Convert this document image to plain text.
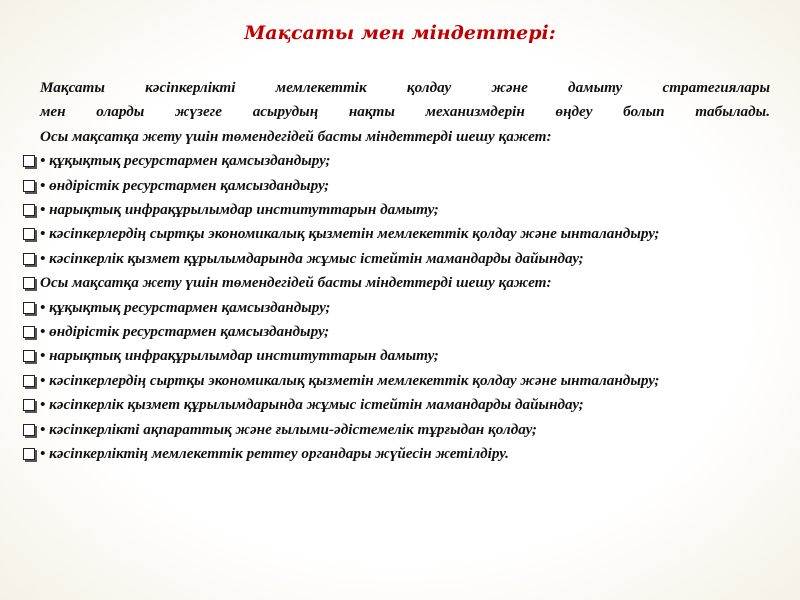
Мақсаты мен міндеттері:
Мақсаты кәсіпкерлікті мемлекеттік қолдау және дамыту стратегиялары
мен оларды жүзеге асырудың нақты механизмдерін өңдеу болып табылады.
Осы мақсатқа жету үшін төмендегідей басты міндеттерді шешу қажет:
• құқықтық ресурстармен қамсыздандыру;
• өндірістік ресурстармен қамсыздандыру;
• нарықтық инфрақұрылымдар институттарын дамыту;
• кәсіпкерлердің сыртқы экономикалық қызметін мемлекеттік қолдау және ынталандыру;
• кәсіпкерлік қызмет құрылымдарында жұмыс істейтін мамандарды дайындау;
Осы мақсатқа жету үшін төмендегідей басты міндеттерді шешу қажет:
• құқықтық ресурстармен қамсыздандыру;
• өндірістік ресурстармен қамсыздандыру;
• нарықтық инфрақұрылымдар институттарын дамыту;
• кәсіпкерлердің сыртқы экономикалық қызметін мемлекеттік қолдау және ынталандыру;
• кәсіпкерлік қызмет құрылымдарында жұмыс істейтін мамандарды дайындау;
• кәсіпкерлікті ақпараттық және ғылыми-әдістемелік тұрғыдан қолдау;
• кәсіпкерліктің мемлекеттік реттеу органдары жүйесін жетілдіру.
